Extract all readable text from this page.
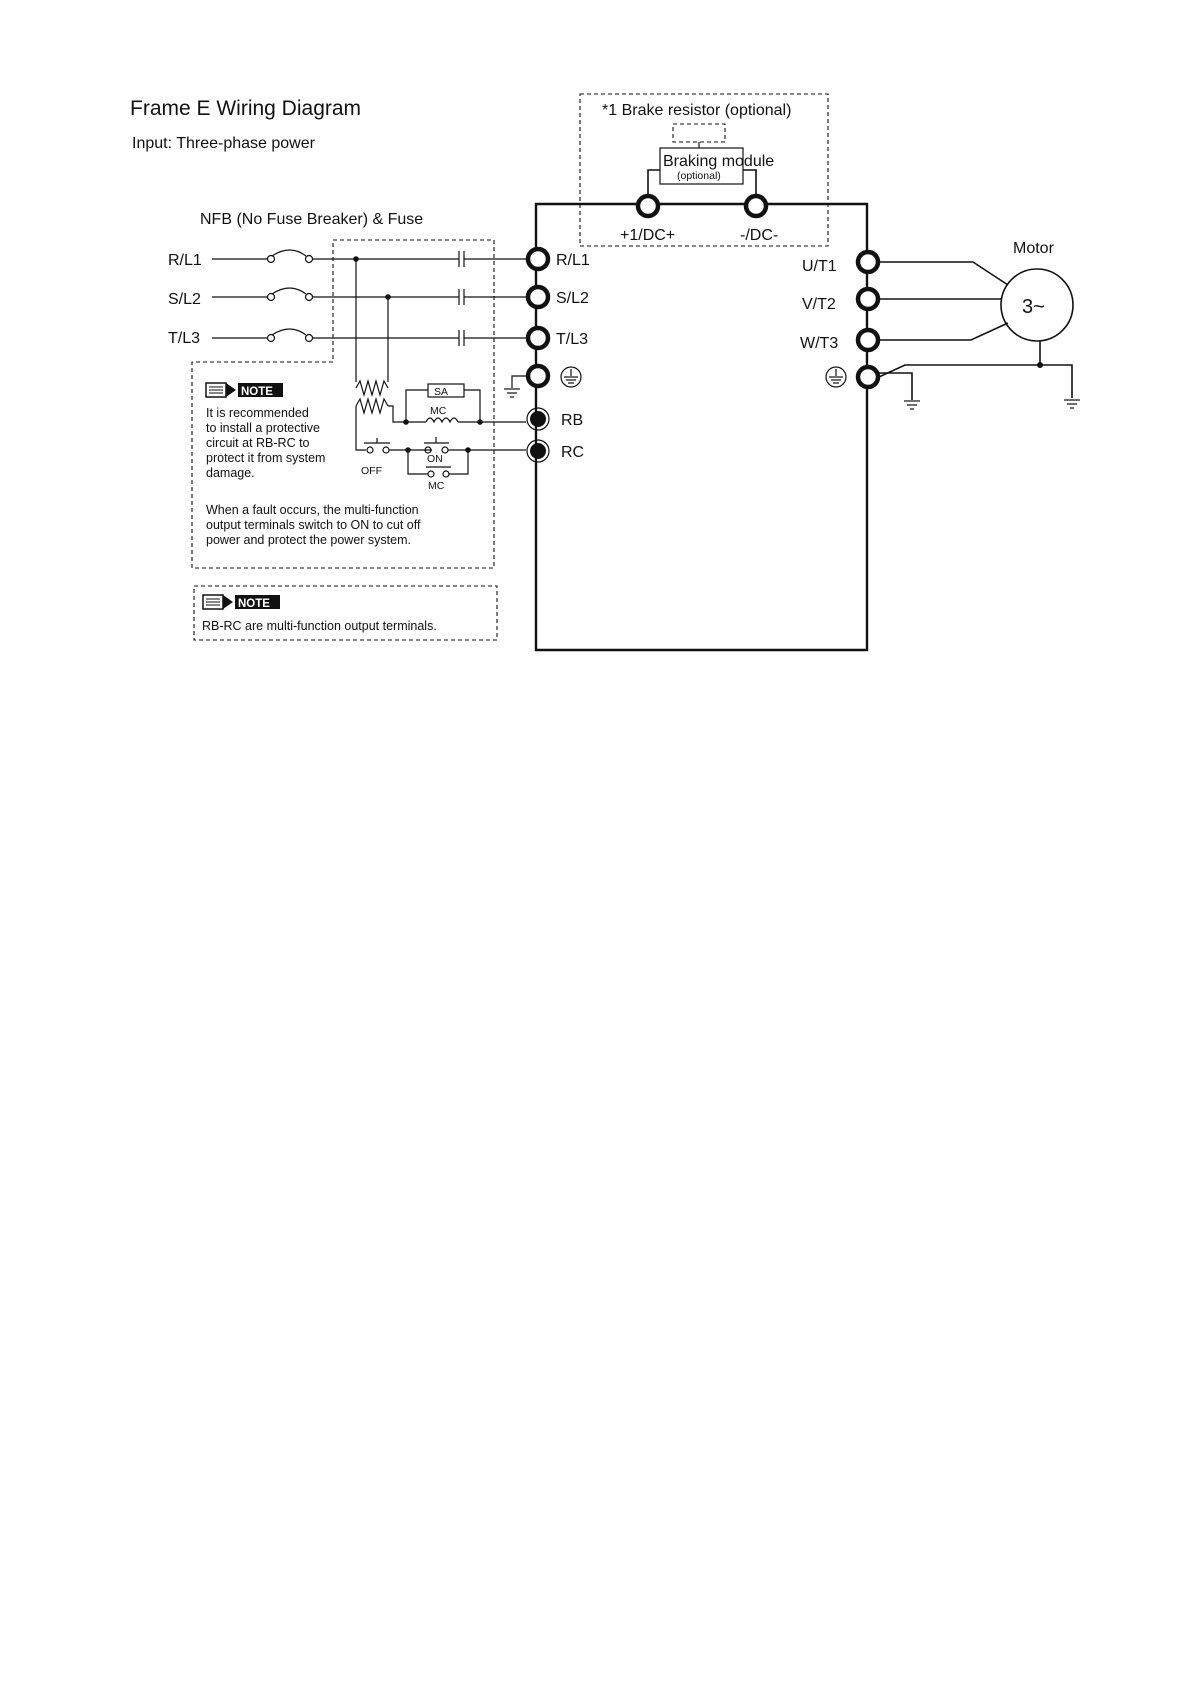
Frame E Wiring Diagram
Input: Three-phase power
NFB (No Fuse Breaker) & Fuse
*1 Brake resistor (optional)
Braking module
(optional)
+1/DC+	-/DC-
R/L1
S/L2
T/L3
R/L1
S/L2
T/L3
RB
RC
SA
MC
OFF
ON
MC
NOTE
It is recommended
to install a protective
circuit at RB-RC to
protect it from system
damage.
When a fault occurs, the multi-function
output terminals switch to ON to cut off
power and protect the power system.
NOTE
RB-RC are multi-function output terminals.
U/T1
V/T2
W/T3
Motor
3~
